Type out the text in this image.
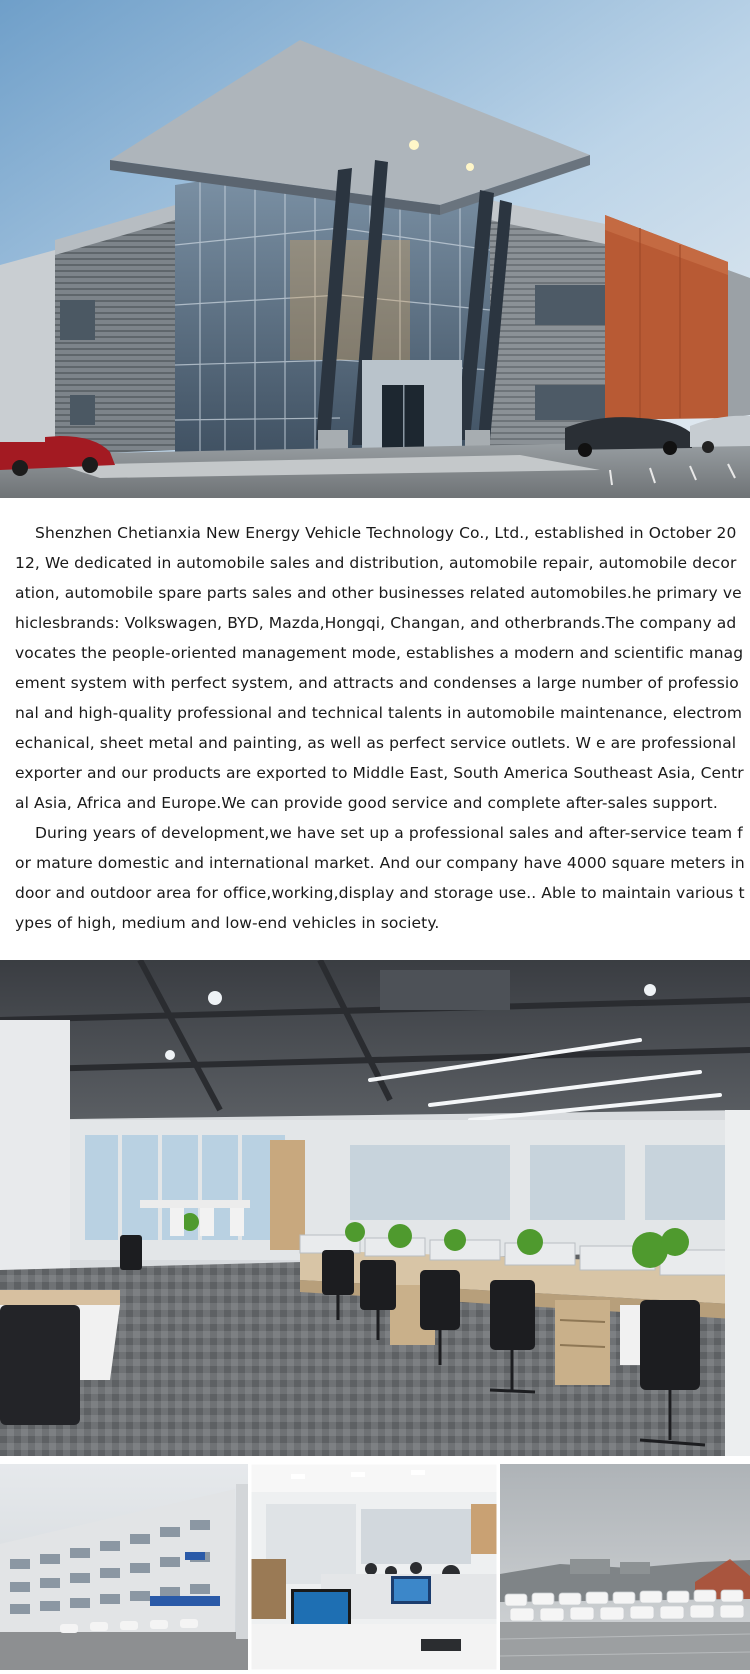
Shenzhen Chetianxia New Energy Vehicle Technology Co., Ltd., established in October 2012, We dedicated in automobile sales and distribution, automobile repair, automobile decoration, automobile spare parts sales and other businesses related automobiles.he primary vehiclesbrands: Volkswagen, BYD, Mazda,Hongqi, Changan, and otherbrands.The company advocates the people-oriented management mode, establishes a modern and scientific management system with perfect system, and attracts and condenses a large number of professional and high-quality professional and technical talents in automobile maintenance, electromechanical, sheet metal and painting, as well as perfect service outlets. W e are professional exporter and our products are exported to Middle East, South America Southeast Asia, Central Asia, Africa and Europe.We can provide good service and complete after-sales support.

During years of development,we have set up a professional sales and after-service team for mature domestic and international market. And our company have 4000 square meters indoor and outdoor area for office,working,display and storage use.. Able to maintain various types of high, medium and low-end vehicles in society.
